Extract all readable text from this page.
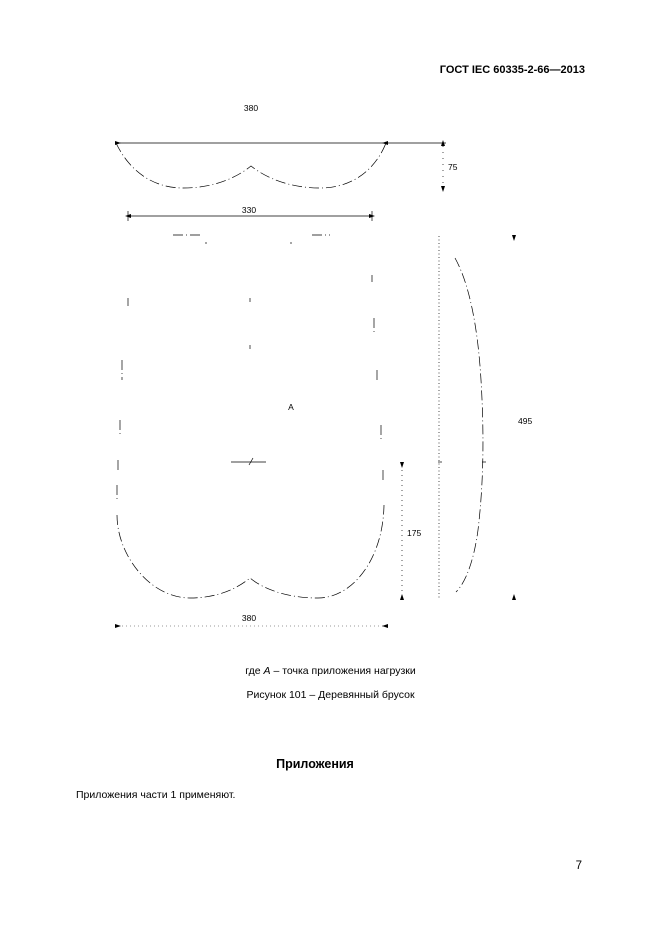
ГОСТ IEC 60335-2-66—2013
380
75
330
A
495
175
380
где A – точка приложения нагрузки
Рисунок 101 – Деревянный брусок
Приложения
Приложения части 1 применяют.
7
